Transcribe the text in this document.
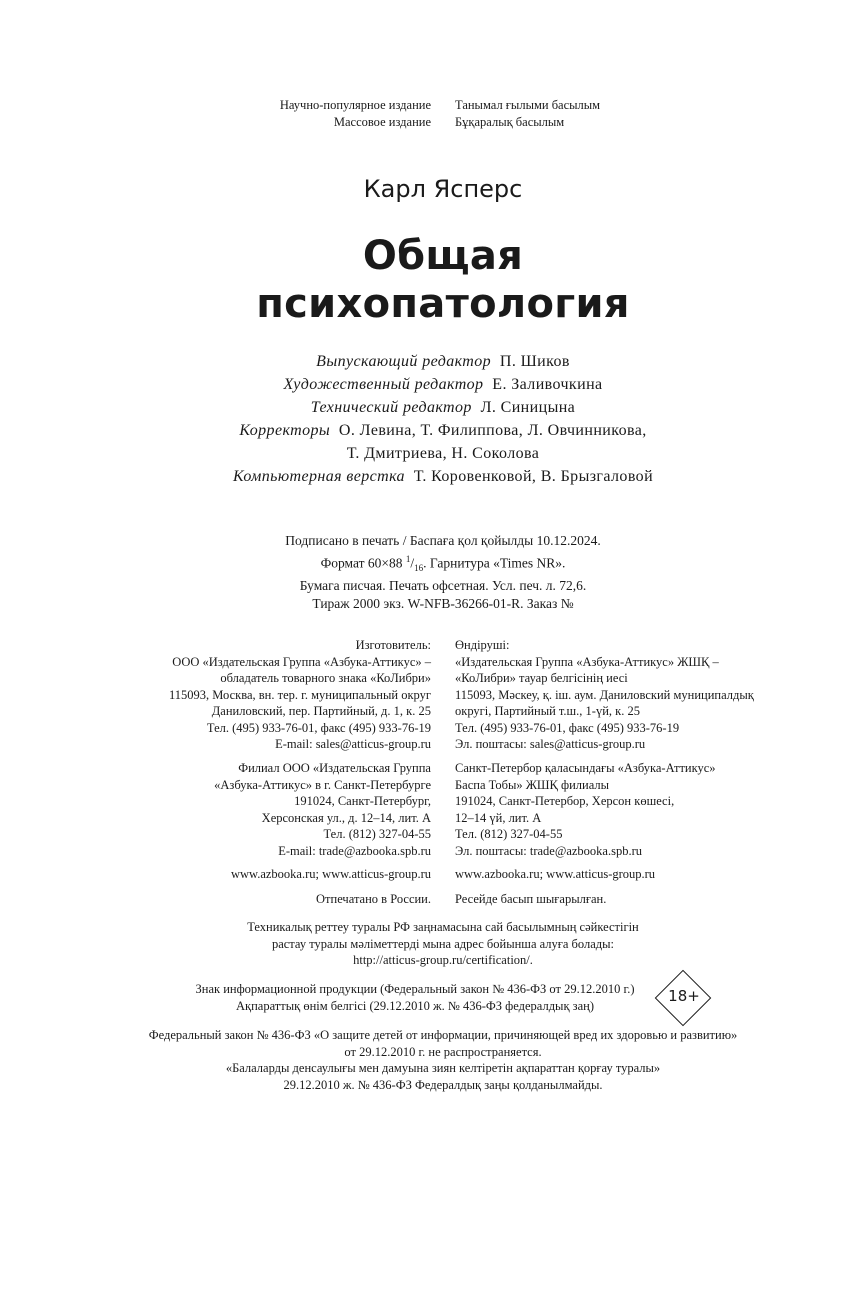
Научно-популярное издание
Массовое издание
Танымал ғылыми басылым
Бұқаралық басылым
Карл Ясперс
Общая
психопатология
Выпускающий редактор П. Шиков
Художественный редактор Е. Заливочкина
Технический редактор Л. Синицына
Корректоры О. Левина, Т. Филиппова, Л. Овчинникова,
Т. Дмитриева, Н. Соколова
Компьютерная верстка Т. Коровенковой, В. Брызгаловой
Подписано в печать / Баспаға қол қойылды 10.12.2024.
Формат 60×88 $^1/_{16}$. Гарнитура «Times NR».
Бумага писчая. Печать офсетная. Усл. печ. л. 72,6.
Тираж 2000 экз. W-NFB-36266-01-R. Заказ №
Изготовитель:
ООО «Издательская Группа «Азбука-Аттикус» –
обладатель товарного знака «КоЛибри»
115093, Москва, вн. тер. г. муниципальный округ
Даниловский, пер. Партийный, д. 1, к. 25
Тел. (495) 933-76-01, факс (495) 933-76-19
E-mail: sales@atticus-group.ru
Өндіруші:
«Издательская Группа «Азбука-Аттикус» ЖШҚ –
«КоЛибри» тауар белгісінің иесі
115093, Мәскеу, қ. іш. аум. Даниловский муниципалдық
округі, Партийный т.ш., 1-үй, к. 25
Тел. (495) 933-76-01, факс (495) 933-76-19
Эл. поштасы: sales@atticus-group.ru
Филиал ООО «Издательская Группа
«Азбука-Аттикус» в г. Санкт-Петербурге
191024, Санкт-Петербург,
Херсонская ул., д. 12–14, лит. А
Тел. (812) 327-04-55
E-mail: trade@azbooka.spb.ru
Санкт-Петербор қаласындағы «Азбука-Аттикус»
Баспа Тобы» ЖШҚ филиалы
191024, Санкт-Петербор, Херсон көшесі,
12–14 үй, лит. А
Тел. (812) 327-04-55
Эл. поштасы: trade@azbooka.spb.ru
www.azbooka.ru; www.atticus-group.ru www.azbooka.ru; www.atticus-group.ru
Отпечатано в России. Ресейде басып шығарылған.
Техникалық реттеу туралы РФ заңнамасына сай басылымның сәйкестігін
растау туралы мәліметтерді мына адрес бойынша алуға болады:
http://atticus-group.ru/certification/.
Знак информационной продукции (Федеральный закон № 436-ФЗ от 29.12.2010 г.)
Ақпараттық өнім белгісі (29.12.2010 ж. № 436-ФЗ федералдық заң)
18+
Федеральный закон № 436-ФЗ «О защите детей от информации, причиняющей вред их здоровью и развитию»
от 29.12.2010 г. не распространяется.
«Балаларды денсаулығы мен дамуына зиян келтіретін ақпараттан қорғау туралы»
29.12.2010 ж. № 436-ФЗ Федералдық заңы қолданылмайды.
